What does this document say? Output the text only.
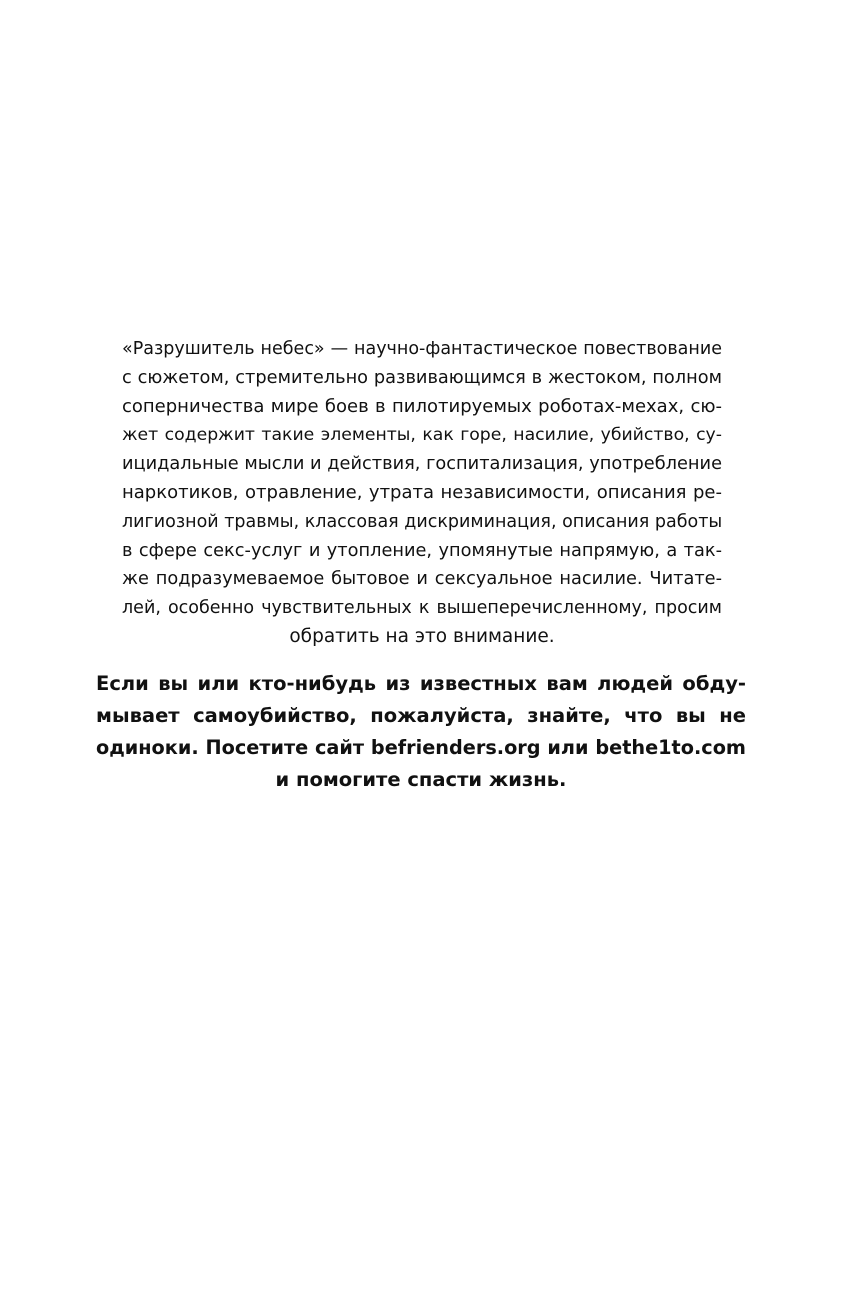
«Разрушитель небес» — научно-фантастическое повествование
с сюжетом, стремительно развивающимся в жестоком, полном
соперничества мире боев в пилотируемых роботах-мехах, сю-
жет содержит такие элементы, как горе, насилие, убийство, су-
ицидальные мысли и действия, госпитализация, употребление
наркотиков, отравление, утрата независимости, описания ре-
лигиозной травмы, классовая дискриминация, описания работы
в сфере секс-услуг и утопление, упомянутые напрямую, а так-
же подразумеваемое бытовое и сексуальное насилие. Читате-
лей, особенно чувствительных к вышеперечисленному, просим
обратить на это внимание.
Если вы или кто-нибудь из известных вам людей обду-
мывает самоубийство, пожалуйста, знайте, что вы не
одиноки. Посетите сайт befrienders.org или bethe1to.com
и помогите спасти жизнь.
